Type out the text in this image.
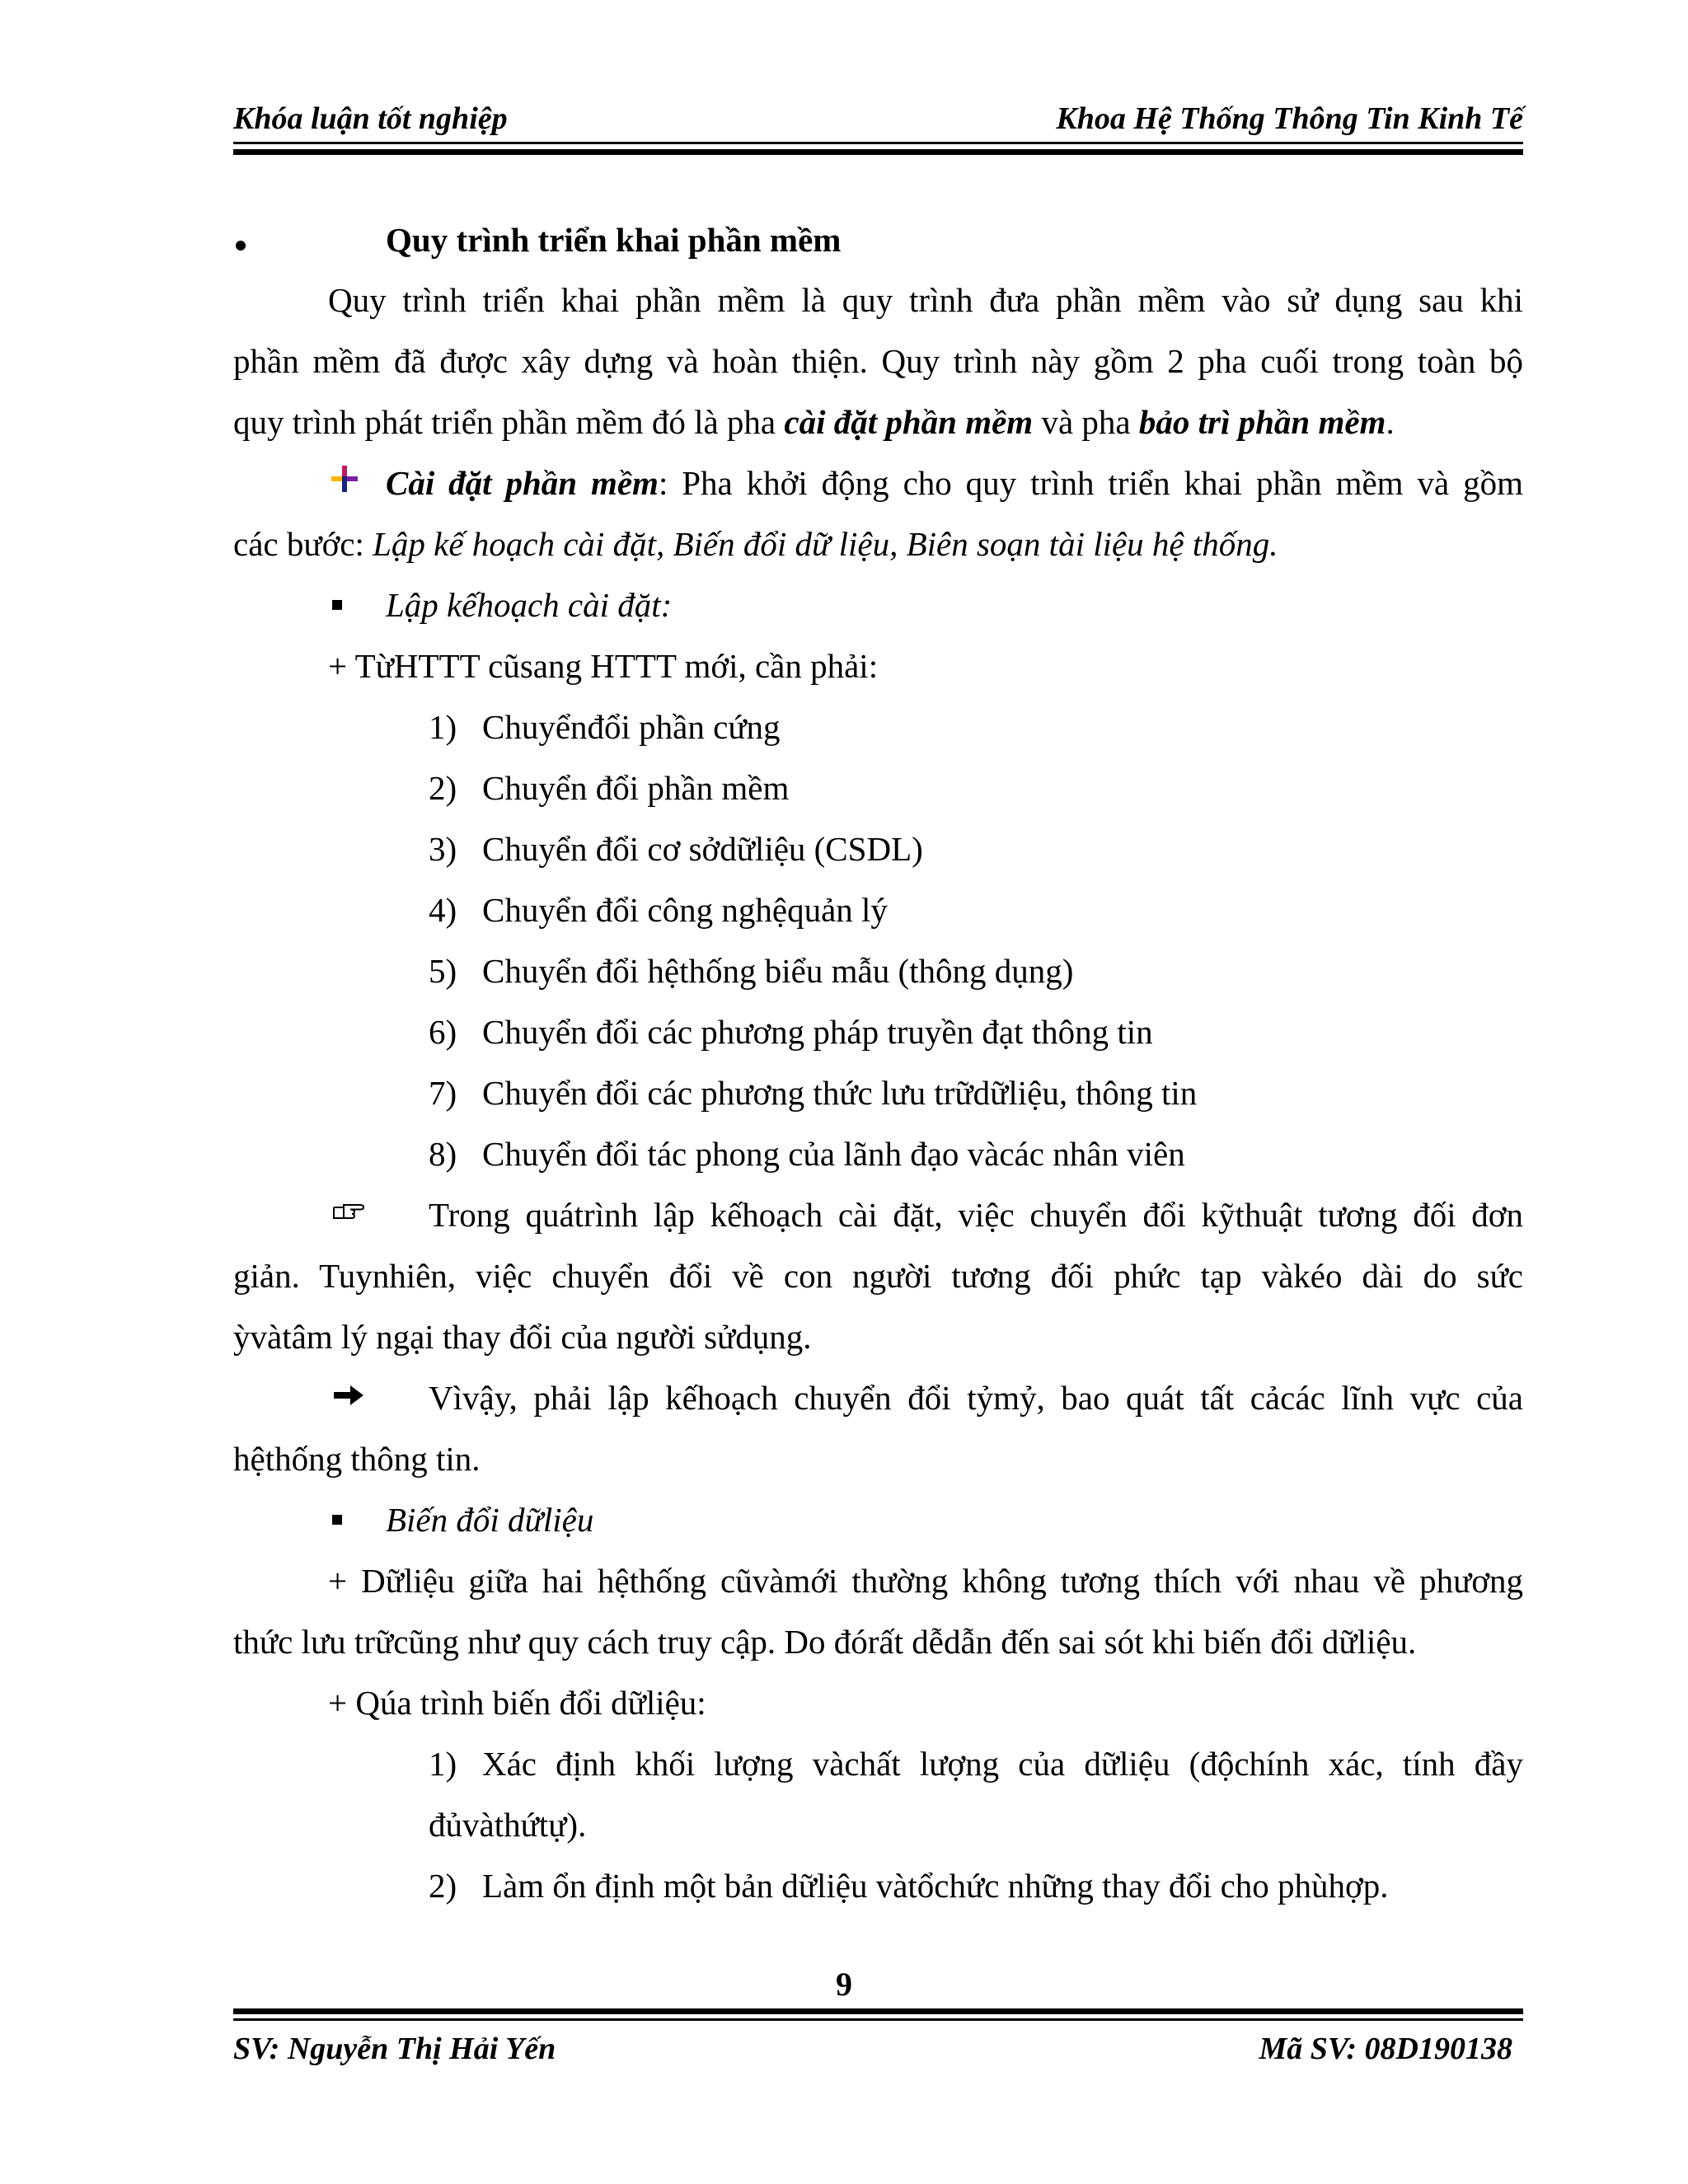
Khóa luận tốt nghiệp	Khoa Hệ Thống Thông Tin Kinh Tế
Quy trình triển khai phần mềm
Quy trình triển khai phần mềm là quy trình đưa phần mềm vào sử dụng sau khi
phần mềm đã được xây dựng và hoàn thiện. Quy trình này gồm 2 pha cuối trong toàn bộ
quy trình phát triển phần mềm đó là pha cài đặt phần mềm và pha bảo trì phần mềm.
Cài đặt phần mềm: Pha khởi động cho quy trình triển khai phần mềm và gồm
các bước: Lập kế hoạch cài đặt, Biến đổi dữ liệu, Biên soạn tài liệu hệ thống.
Lập kếhoạch cài đặt:
+ TừHTTT cũsang HTTT mới, cần phải:
1) Chuyểnđổi phần cứng
2) Chuyển đổi phần mềm
3) Chuyển đổi cơ sởdữliệu (CSDL)
4) Chuyển đổi công nghệquản lý
5) Chuyển đổi hệthống biểu mẫu (thông dụng)
6) Chuyển đổi các phương pháp truyền đạt thông tin
7) Chuyển đổi các phương thức lưu trữdữliệu, thông tin
8) Chuyển đổi tác phong của lãnh đạo vàcác nhân viên
Trong quátrình lập kếhoạch cài đặt, việc chuyển đổi kỹthuật tương đối đơn
giản. Tuynhiên, việc chuyển đổi về con người tương đối phức tạp vàkéo dài do sức
ỳvàtâm lý ngại thay đổi của người sửdụng.
Vìvậy, phải lập kếhoạch chuyển đổi tỷmỷ, bao quát tất cảcác lĩnh vực của
hệthống thông tin.
Biến đổi dữliệu
+ Dữliệu giữa hai hệthống cũvàmới thường không tương thích với nhau về phương
thức lưu trữcũng như quy cách truy cập. Do đórất dễdẫn đến sai sót khi biến đổi dữliệu.
+ Qúa trình biến đổi dữliệu:
1) Xác định khối lượng vàchất lượng của dữliệu (độchính xác, tính đầy
đủvàthứtự).
2) Làm ổn định một bản dữliệu vàtổchức những thay đổi cho phùhợp.
9
SV: Nguyễn Thị Hải Yến	Mã SV: 08D190138
